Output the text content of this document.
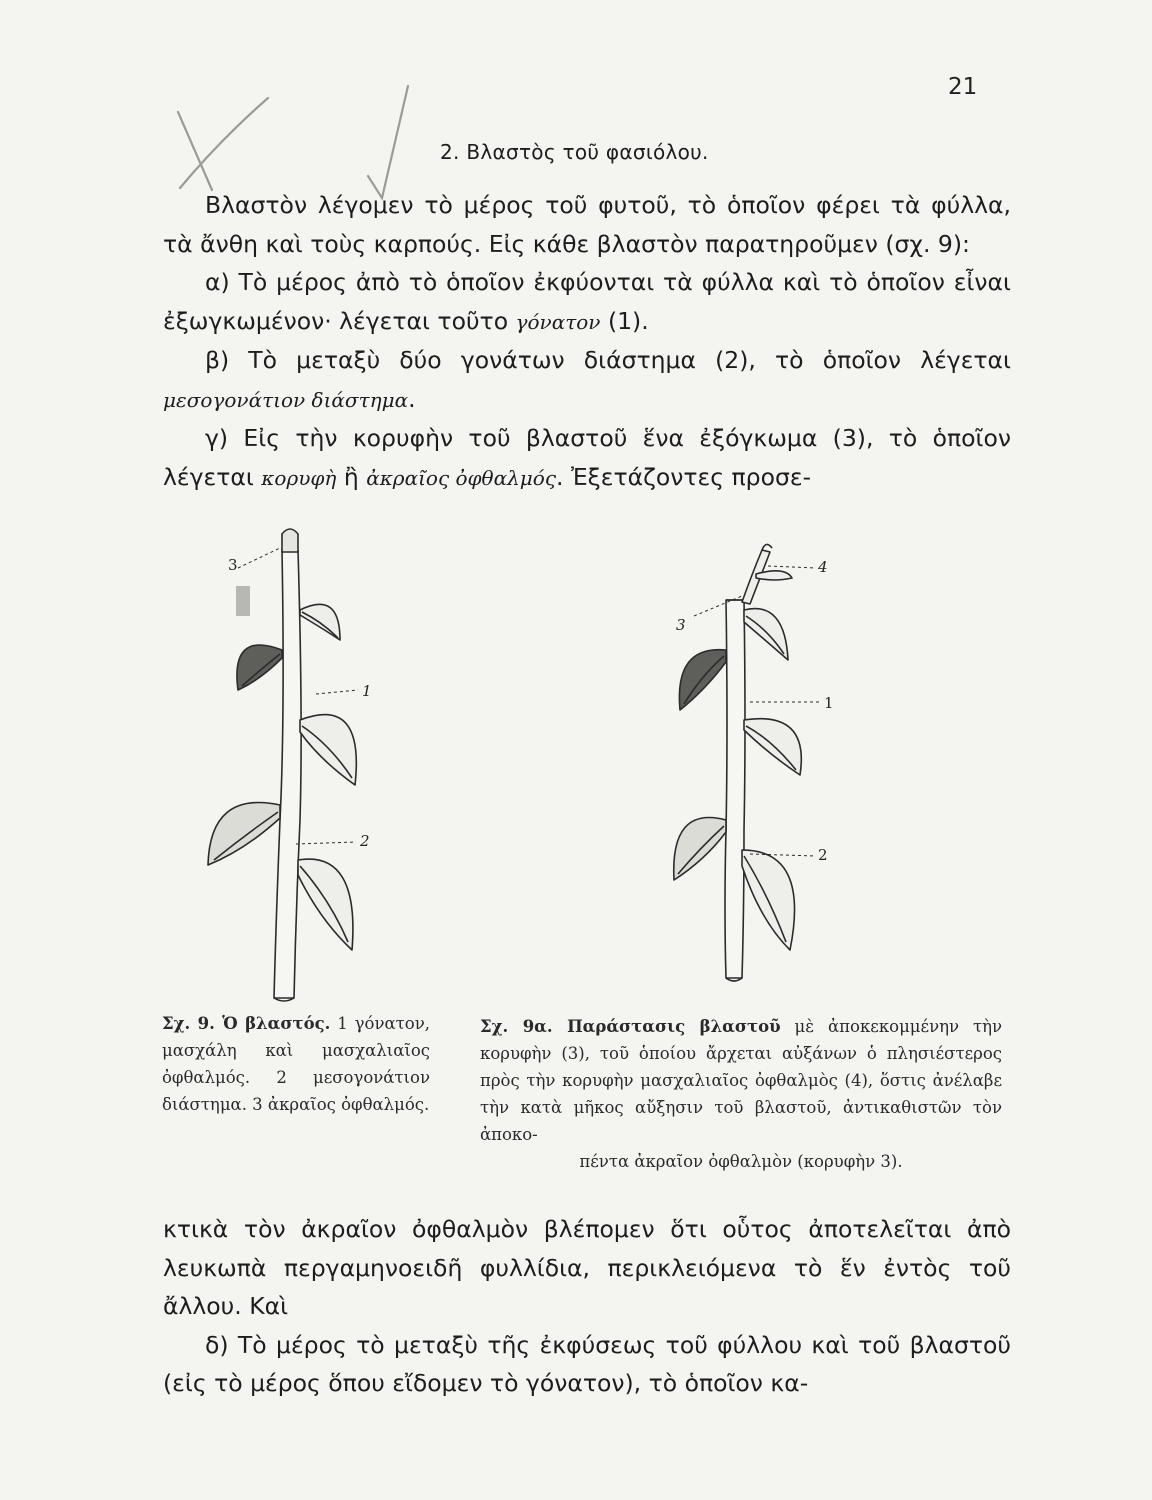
21
2. Βλαστὸς τοῦ φασιόλου.

Βλαστὸν λέγομεν τὸ μέρος τοῦ φυτοῦ, τὸ ὁποῖον φέρει τὰ φύλλα, τὰ ἄνθη καὶ τοὺς καρπούς. Εἰς κάθε βλαστὸν παρατηροῦμεν (σχ. 9):

α) Τὸ μέρος ἀπὸ τὸ ὁποῖον ἐκφύονται τὰ φύλλα καὶ τὸ ὁποῖον εἶναι ἐξωγκωμένον· λέγεται τοῦτο γόνατον (1).

β) Τὸ μεταξὺ δύο γονάτων διάστημα (2), τὸ ὁποῖον λέγεται μεσογονάτιον διάστημα.

γ) Εἰς τὴν κορυφὴν τοῦ βλαστοῦ ἕνα ἐξόγκωμα (3), τὸ ὁποῖον λέγεται κορυφὴ ἢ ἀκραῖος ὀφθαλμός. Ἐξετάζοντες προσε-

3
1
2
4
3
1
2

Σχ. 9. Ὁ βλαστός. 1 γόνατον, μασχάλη καὶ μασχαλιαῖος ὀφθαλμός. 2 μεσογονάτιον διάστημα. 3 ἀκραῖος ὀφθαλμός.

Σχ. 9α. Παράστασις βλαστοῦ μὲ ἀποκεκομμένην τὴν κορυφὴν (3), τοῦ ὁποίου ἄρχεται αὐξάνων ὁ πλησιέστερος πρὸς τὴν κορυφὴν μασχαλιαῖος ὀφθαλμὸς (4), ὅστις ἀνέλαβε τὴν κατὰ μῆκος αὔξησιν τοῦ βλαστοῦ, ἀντικαθιστῶν τὸν ἀποκο-
πέντα ἀκραῖον ὀφθαλμὸν (κορυφὴν 3).

κτικὰ τὸν ἀκραῖον ὀφθαλμὸν βλέπομεν ὅτι οὗτος ἀποτελεῖται ἀπὸ λευκωπὰ περγαμηνοειδῆ φυλλίδια, περικλειόμενα τὸ ἕν ἐντὸς τοῦ ἄλλου. Καὶ

δ) Τὸ μέρος τὸ μεταξὺ τῆς ἐκφύσεως τοῦ φύλλου καὶ τοῦ βλαστοῦ (εἰς τὸ μέρος ὅπου εἴδομεν τὸ γόνατον), τὸ ὁποῖον κα-
